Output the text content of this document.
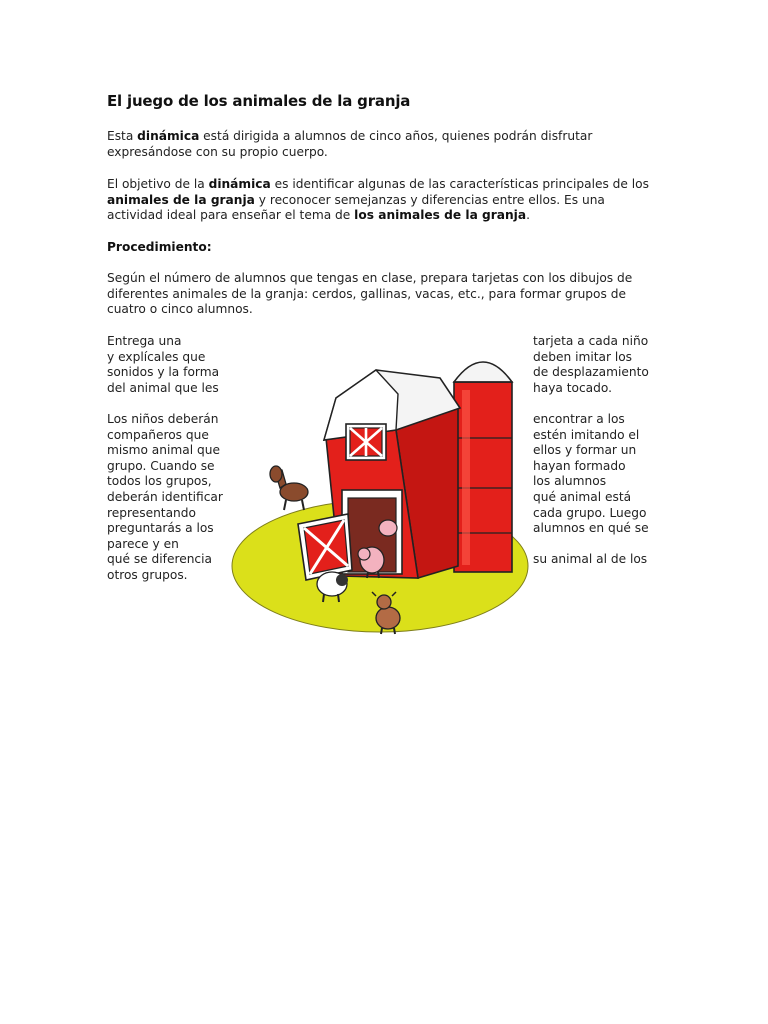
El juego de los animales de la granja

Esta dinámica está dirigida a alumnos de cinco años, quienes podrán disfrutar expresándose con su propio cuerpo.

El objetivo de la dinámica es identificar algunas de las características principales de los animales de la granja y reconocer semejanzas y diferencias entre ellos. Es una actividad ideal para enseñar el tema de los animales de la granja.

Procedimiento:

Según el número de alumnos que tengas en clase, prepara tarjetas con los dibujos de diferentes animales de la granja: cerdos, gallinas, vacas, etc., para formar grupos de cuatro o cinco alumnos.

Entrega una
y explícales que
sonidos y la forma
del animal que les
Los niños deberán
compañeros que
mismo animal que
grupo. Cuando se
todos los grupos,
deberán identificar
representando
preguntarás a los
parece y en
qué se diferencia
otros grupos.
tarjeta a cada niño
deben imitar los
de desplazamiento
haya tocado.
encontrar a los
estén imitando el
ellos y formar un
hayan formado
los alumnos
qué animal está
cada grupo. Luego
alumnos en qué se
su animal al de los
